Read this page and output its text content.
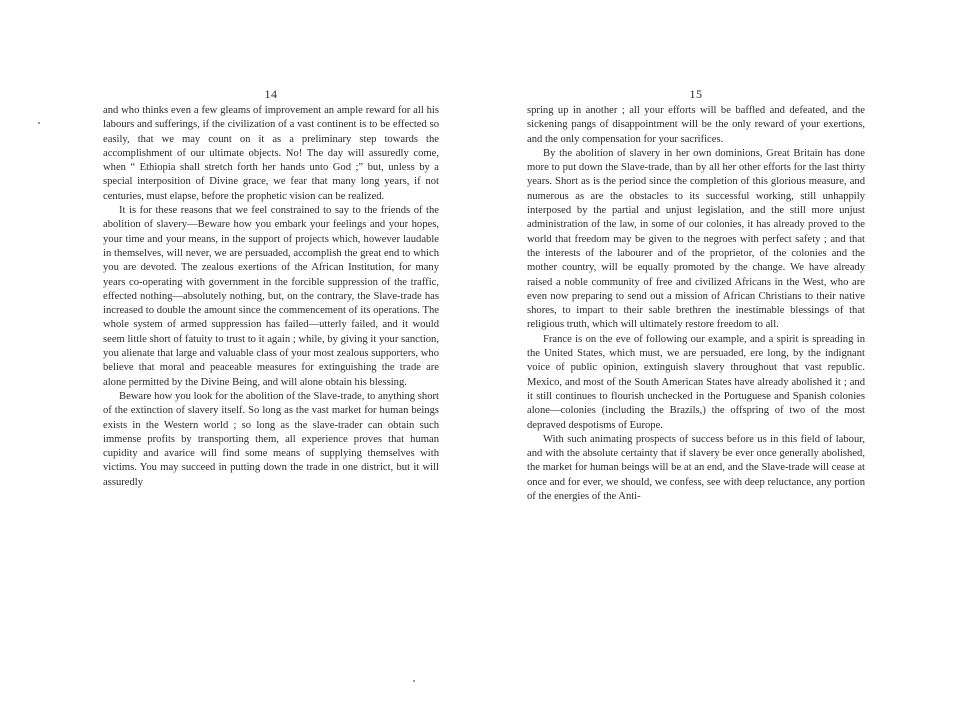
14

and who thinks even a few gleams of improvement an ample reward for all his labours and sufferings, if the civilization of a vast continent is to be effected so easily, that we may count on it as a preliminary step towards the accomplishment of our ultimate objects. No! The day will assuredly come, when “ Ethiopia shall stretch forth her hands unto God ;” but, unless by a special interposition of Divine grace, we fear that many long years, if not centuries, must elapse, before the prophetic vision can be realized.

It is for these reasons that we feel constrained to say to the friends of the abolition of slavery—Beware how you embark your feelings and your hopes, your time and your means, in the support of projects which, however laudable in themselves, will never, we are persuaded, accomplish the great end to which you are devoted. The zealous exertions of the African Institution, for many years co-operating with government in the forcible suppression of the traffic, effected nothing—absolutely nothing, but, on the contrary, the Slave-trade has increased to double the amount since the commencement of its operations. The whole system of armed suppression has failed—utterly failed, and it would seem little short of fatuity to trust to it again ; while, by giving it your sanction, you alienate that large and valuable class of your most zealous supporters, who believe that moral and peaceable measures for extinguishing the trade are alone permitted by the Divine Being, and will alone obtain his blessing.

Beware how you look for the abolition of the Slave-trade, to anything short of the extinction of slavery itself. So long as the vast market for human beings exists in the Western world ; so long as the slave-trader can obtain such immense profits by transporting them, all experience proves that human cupidity and avarice will find some means of supplying themselves with victims. You may succeed in putting down the trade in one district, but it will assuredly

15

spring up in another ; all your efforts will be baffled and defeated, and the sickening pangs of disappointment will be the only reward of your exertions, and the only compensation for your sacrifices.

By the abolition of slavery in her own dominions, Great Britain has done more to put down the Slave-trade, than by all her other efforts for the last thirty years. Short as is the period since the completion of this glorious measure, and numerous as are the obstacles to its successful working, still unhappily interposed by the partial and unjust legislation, and the still more unjust administration of the law, in some of our colonies, it has already proved to the world that freedom may be given to the negroes with perfect safety ; and that the interests of the labourer and of the proprietor, of the colonies and the mother country, will be equally promoted by the change. We have already raised a noble community of free and civilized Africans in the West, who are even now preparing to send out a mission of African Christians to their native shores, to impart to their sable brethren the inestimable blessings of that religious truth, which will ultimately restore freedom to all.

France is on the eve of following our example, and a spirit is spreading in the United States, which must, we are persuaded, ere long, by the indignant voice of public opinion, extinguish slavery throughout that vast republic. Mexico, and most of the South American States have already abolished it ; and it still continues to flourish unchecked in the Portuguese and Spanish colonies alone—colonies (including the Brazils,) the offspring of two of the most depraved despotisms of Europe.

With such animating prospects of success before us in this field of labour, and with the absolute certainty that if slavery be ever once generally abolished, the market for human beings will be at an end, and the Slave-trade will cease at once and for ever, we should, we confess, see with deep reluctance, any portion of the energies of the Anti-
